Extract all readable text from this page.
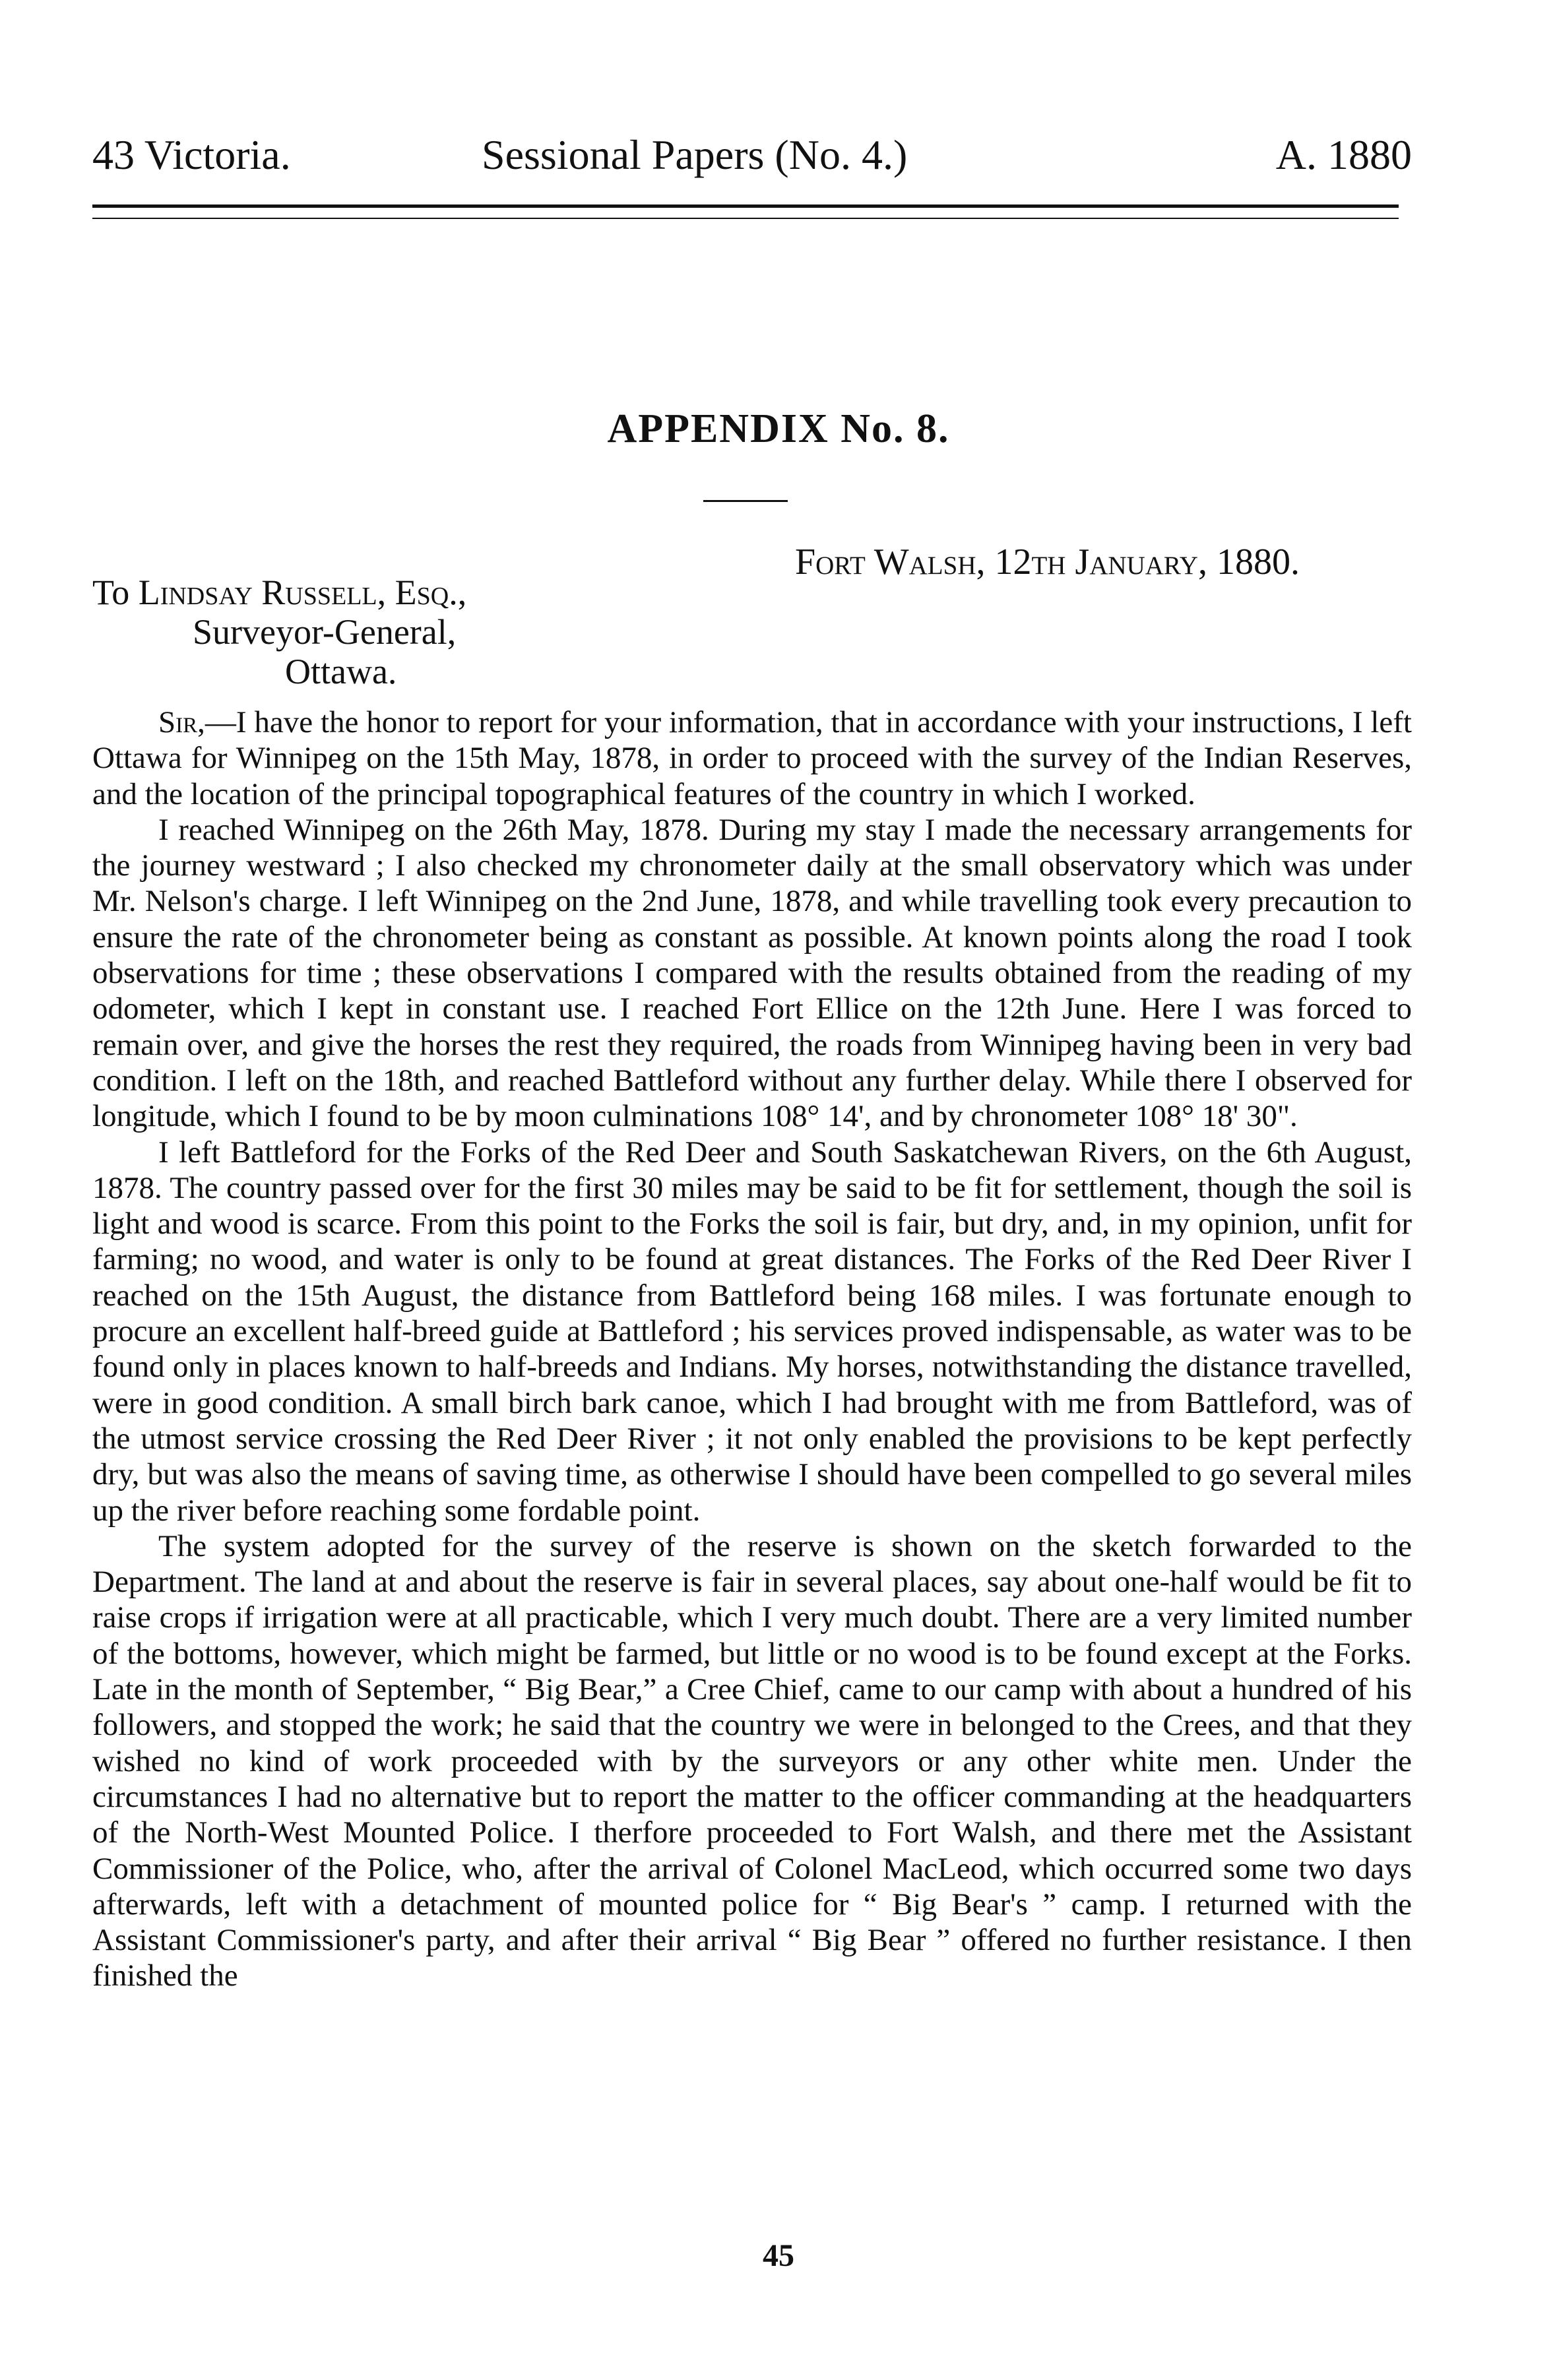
43 Victoria.	Sessional Papers (No. 4.)	A. 1880
APPENDIX No. 8.
Fort Walsh, 12th January, 1880.
To Lindsay Russell, Esq.,
Surveyor-General,
Ottawa.

Sir,—I have the honor to report for your information, that in accordance with your instructions, I left Ottawa for Winnipeg on the 15th May, 1878, in order to proceed with the survey of the Indian Reserves, and the location of the principal topographical features of the country in which I worked.

I reached Winnipeg on the 26th May, 1878. During my stay I made the necessary arrangements for the journey westward ; I also checked my chronometer daily at the small observatory which was under Mr. Nelson's charge. I left Winnipeg on the 2nd June, 1878, and while travelling took every precaution to ensure the rate of the chronometer being as constant as possible. At known points along the road I took observations for time ; these observations I compared with the results obtained from the reading of my odometer, which I kept in constant use. I reached Fort Ellice on the 12th June. Here I was forced to remain over, and give the horses the rest they required, the roads from Winnipeg having been in very bad condition. I left on the 18th, and reached Battleford without any further delay. While there I observed for longitude, which I found to be by moon culminations 108° 14', and by chronometer 108° 18' 30".

I left Battleford for the Forks of the Red Deer and South Saskatchewan Rivers, on the 6th August, 1878. The country passed over for the first 30 miles may be said to be fit for settlement, though the soil is light and wood is scarce. From this point to the Forks the soil is fair, but dry, and, in my opinion, unfit for farming; no wood, and water is only to be found at great distances. The Forks of the Red Deer River I reached on the 15th August, the distance from Battleford being 168 miles. I was fortunate enough to procure an excellent half-breed guide at Battleford ; his services proved indispensable, as water was to be found only in places known to half-breeds and Indians. My horses, notwithstanding the distance travelled, were in good condition. A small birch bark canoe, which I had brought with me from Battleford, was of the utmost service crossing the Red Deer River ; it not only enabled the provisions to be kept perfectly dry, but was also the means of saving time, as otherwise I should have been compelled to go several miles up the river before reaching some fordable point.

The system adopted for the survey of the reserve is shown on the sketch forwarded to the Department. The land at and about the reserve is fair in several places, say about one-half would be fit to raise crops if irrigation were at all practicable, which I very much doubt. There are a very limited number of the bottoms, however, which might be farmed, but little or no wood is to be found except at the Forks. Late in the month of September, “ Big Bear,” a Cree Chief, came to our camp with about a hundred of his followers, and stopped the work; he said that the country we were in belonged to the Crees, and that they wished no kind of work proceeded with by the surveyors or any other white men. Under the circumstances I had no alternative but to report the matter to the officer commanding at the headquarters of the North-West Mounted Police. I therfore proceeded to Fort Walsh, and there met the Assistant Commissioner of the Police, who, after the arrival of Colonel MacLeod, which occurred some two days afterwards, left with a detachment of mounted police for “ Big Bear's ” camp. I returned with the Assistant Commissioner's party, and after their arrival “ Big Bear ” offered no further resistance. I then finished the

45
